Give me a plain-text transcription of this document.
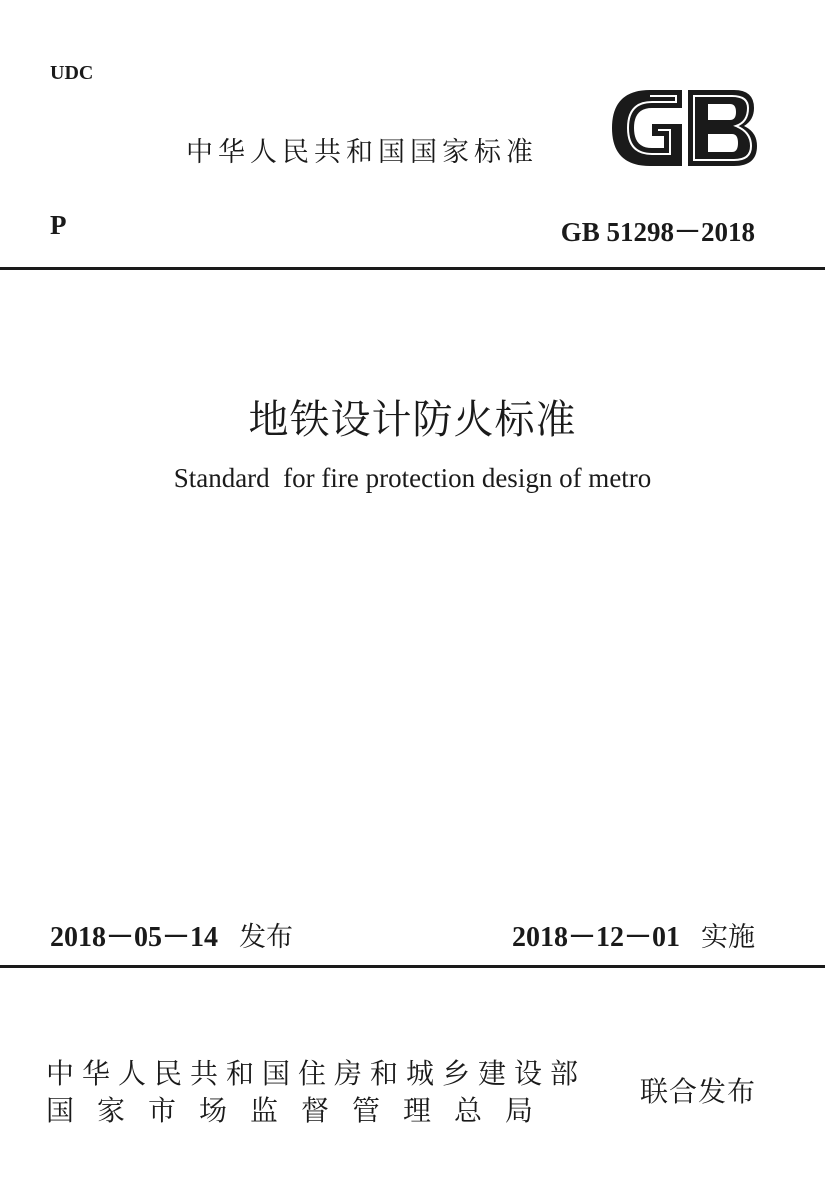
UDC
中华人民共和国国家标准
P	GB 51298－2018
地铁设计防火标准
Standard  for fire protection design of metro
2018－05－14 发布	2018－12－01 实施
中华人民共和国住房和城乡建设部
国家市场监督管理总局
联合发布
